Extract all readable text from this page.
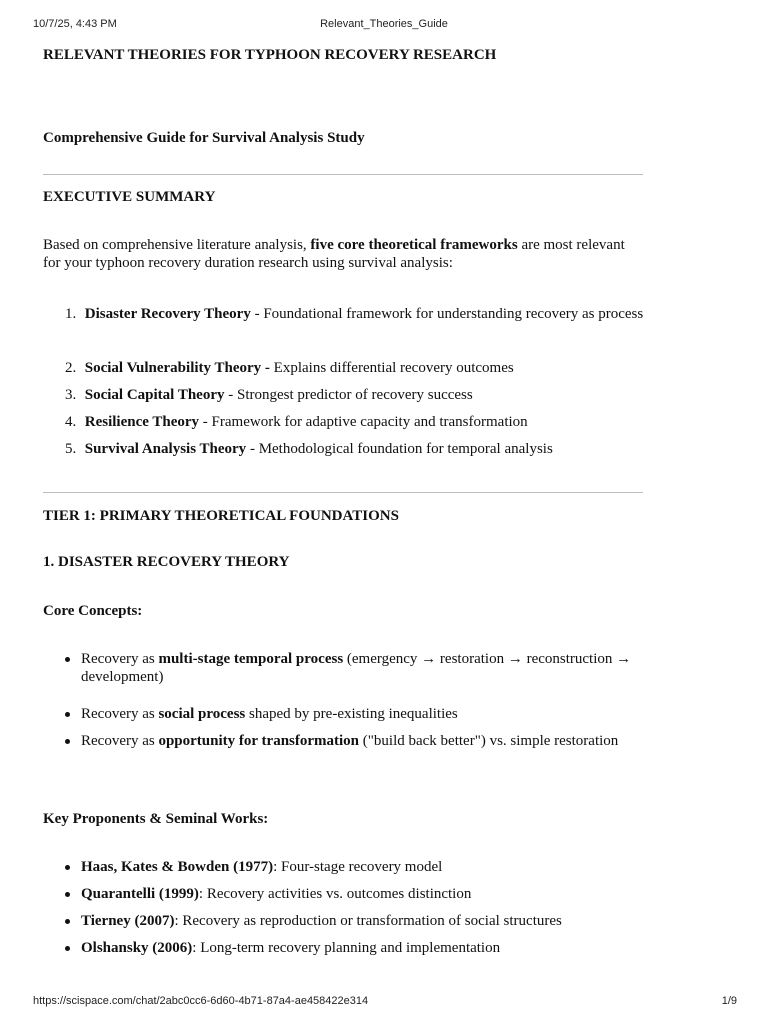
10/7/25, 4:43 PM	Relevant_Theories_Guide
RELEVANT THEORIES FOR TYPHOON RECOVERY RESEARCH
Comprehensive Guide for Survival Analysis Study
EXECUTIVE SUMMARY
Based on comprehensive literature analysis, five core theoretical frameworks are most relevant
for your typhoon recovery duration research using survival analysis:
1. Disaster Recovery Theory - Foundational framework for understanding recovery as process
2. Social Vulnerability Theory - Explains differential recovery outcomes
3. Social Capital Theory - Strongest predictor of recovery success
4. Resilience Theory - Framework for adaptive capacity and transformation
5. Survival Analysis Theory - Methodological foundation for temporal analysis
TIER 1: PRIMARY THEORETICAL FOUNDATIONS
1. DISASTER RECOVERY THEORY
Core Concepts:
Recovery as multi-stage temporal process (emergency → restoration → reconstruction →
development)
Recovery as social process shaped by pre-existing inequalities
Recovery as opportunity for transformation ("build back better") vs. simple restoration
Key Proponents & Seminal Works:
Haas, Kates & Bowden (1977): Four-stage recovery model
Quarantelli (1999): Recovery activities vs. outcomes distinction
Tierney (2007): Recovery as reproduction or transformation of social structures
Olshansky (2006): Long-term recovery planning and implementation
https://scispace.com/chat/2abc0cc6-6d60-4b71-87a4-ae458422e314	1/9
